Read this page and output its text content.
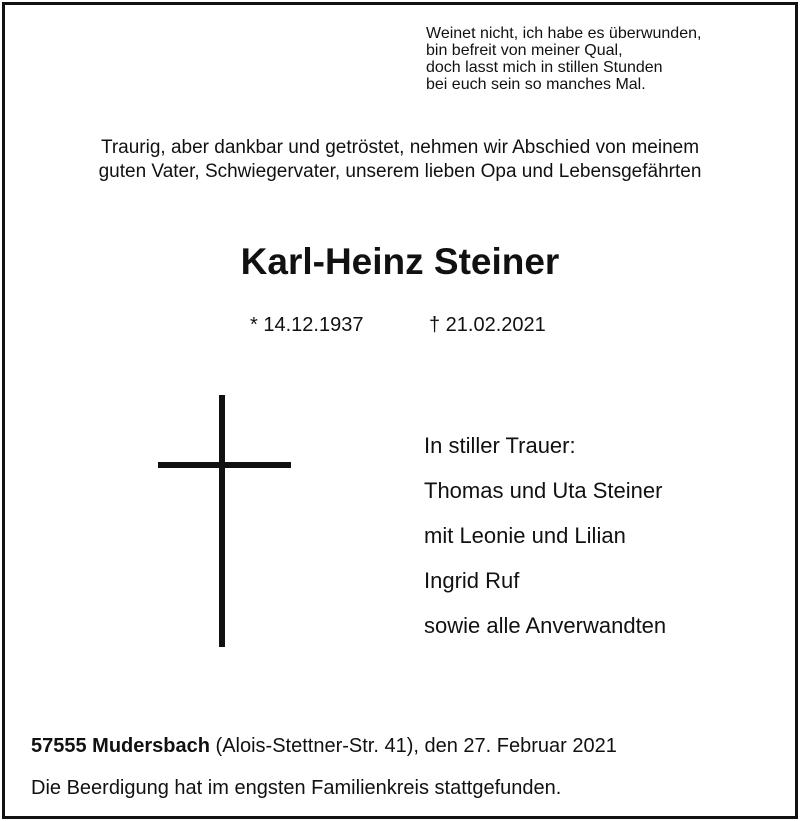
Weinet nicht, ich habe es überwunden,
bin befreit von meiner Qual,
doch lasst mich in stillen Stunden
bei euch sein so manches Mal.
Traurig, aber dankbar und getröstet, nehmen wir Abschied von meinem
guten Vater, Schwiegervater, unserem lieben Opa und Lebensgefährten
Karl-Heinz Steiner
* 14.12.1937	† 21.02.2021
In stiller Trauer:
Thomas und Uta Steiner
mit Leonie und Lilian
Ingrid Ruf
sowie alle Anverwandten
57555 Mudersbach (Alois-Stettner-Str. 41), den 27. Februar 2021
Die Beerdigung hat im engsten Familienkreis stattgefunden.
